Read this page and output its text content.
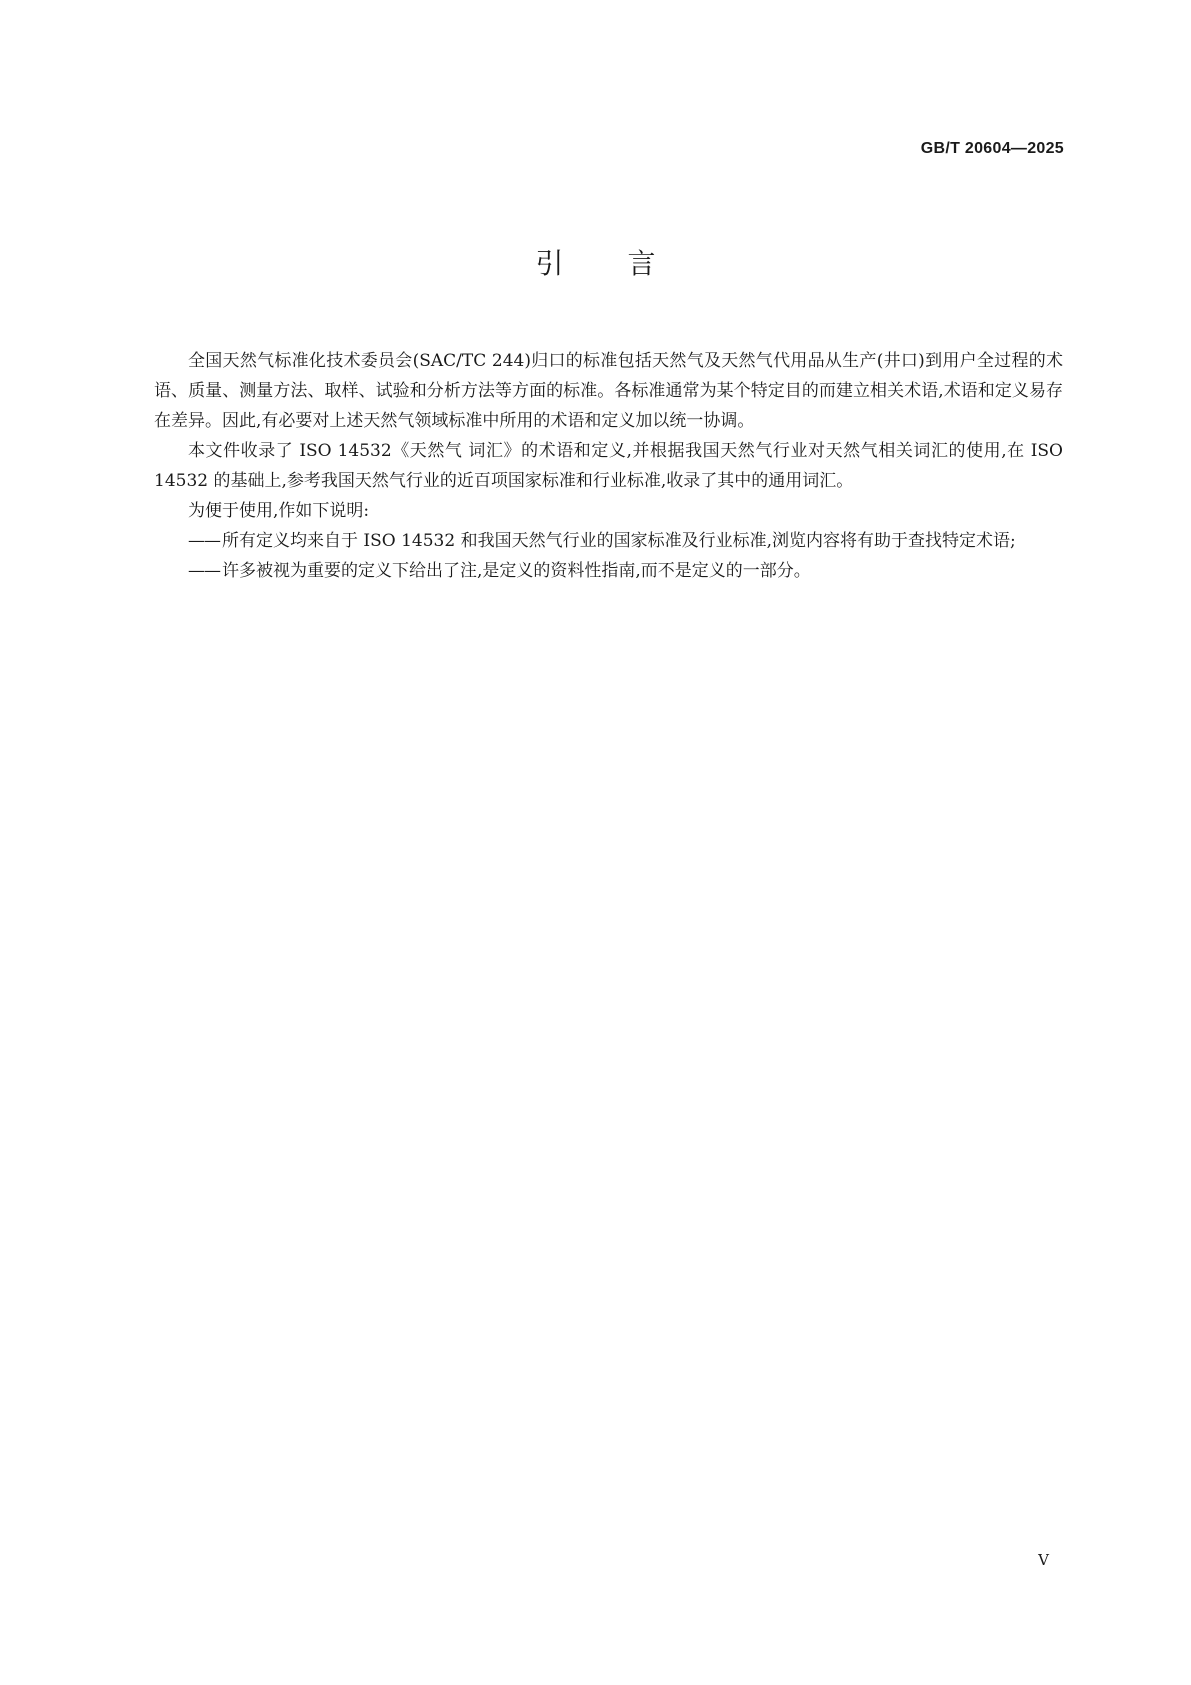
GB/T 20604—2025
引言

全国天然气标准化技术委员会(SAC/TC 244)归口的标准包括天然气及天然气代用品从生产(井口)到用户全过程的术语、质量、测量方法、取样、试验和分析方法等方面的标准。各标准通常为某个特定目的而建立相关术语,术语和定义易存在差异。因此,有必要对上述天然气领域标准中所用的术语和定义加以统一协调。

本文件收录了 ISO 14532《天然气 词汇》的术语和定义,并根据我国天然气行业对天然气相关词汇的使用,在 ISO 14532 的基础上,参考我国天然气行业的近百项国家标准和行业标准,收录了其中的通用词汇。

为便于使用,作如下说明:

—— 所有定义均来自于 ISO 14532 和我国天然气行业的国家标准及行业标准,浏览内容将有助于查找特定术语;

—— 许多被视为重要的定义下给出了注,是定义的资料性指南,而不是定义的一部分。

Ⅴ
